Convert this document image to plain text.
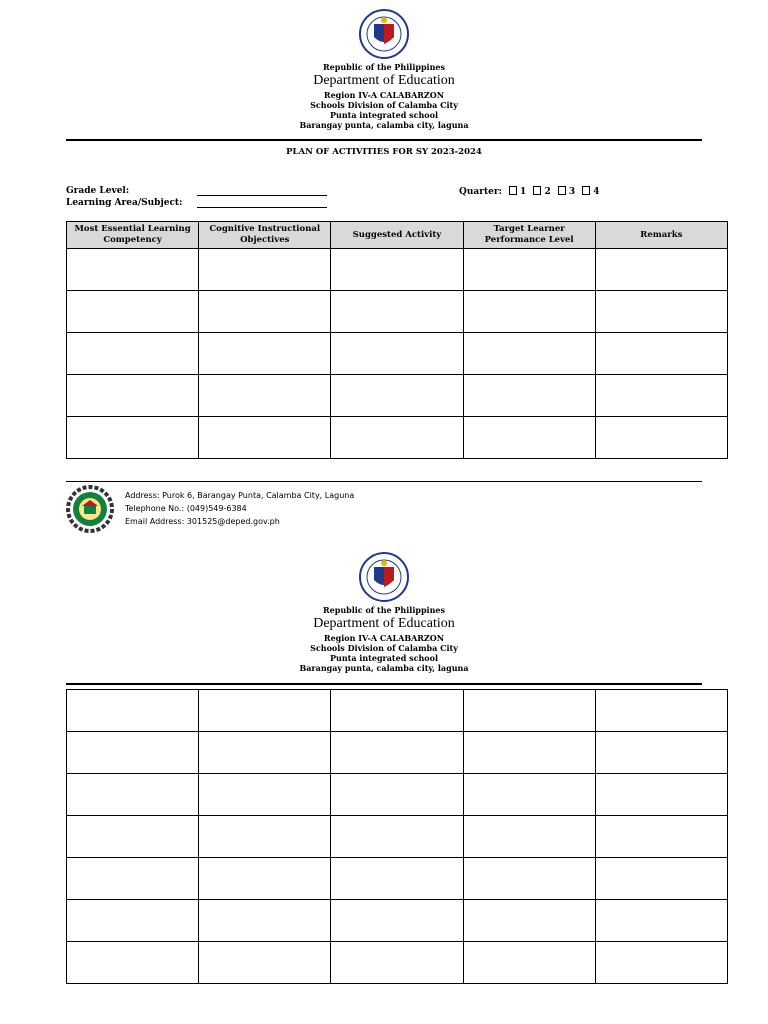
Republic of the Philippines
Department of Education
Region IV-A CALABARZON
Schools Division of Calamba City
Punta integrated school
Barangay punta, calamba city, laguna
PLAN OF ACTIVITIES FOR SY 2023-2024
Grade Level:
Learning Area/Subject:
Quarter: 1 2 3 4
Most Essential Learning Competency	Cognitive Instructional Objectives	Suggested Activity	Target Learner Performance Level	Remarks

Address: Purok 6, Barangay Punta, Calamba City, Laguna
Telephone No.: (049)549-6384
Email Address: 301525@deped.gov.ph
Republic of the Philippines
Department of Education
Region IV-A CALABARZON
Schools Division of Calamba City
Punta integrated school
Barangay punta, calamba city, laguna
